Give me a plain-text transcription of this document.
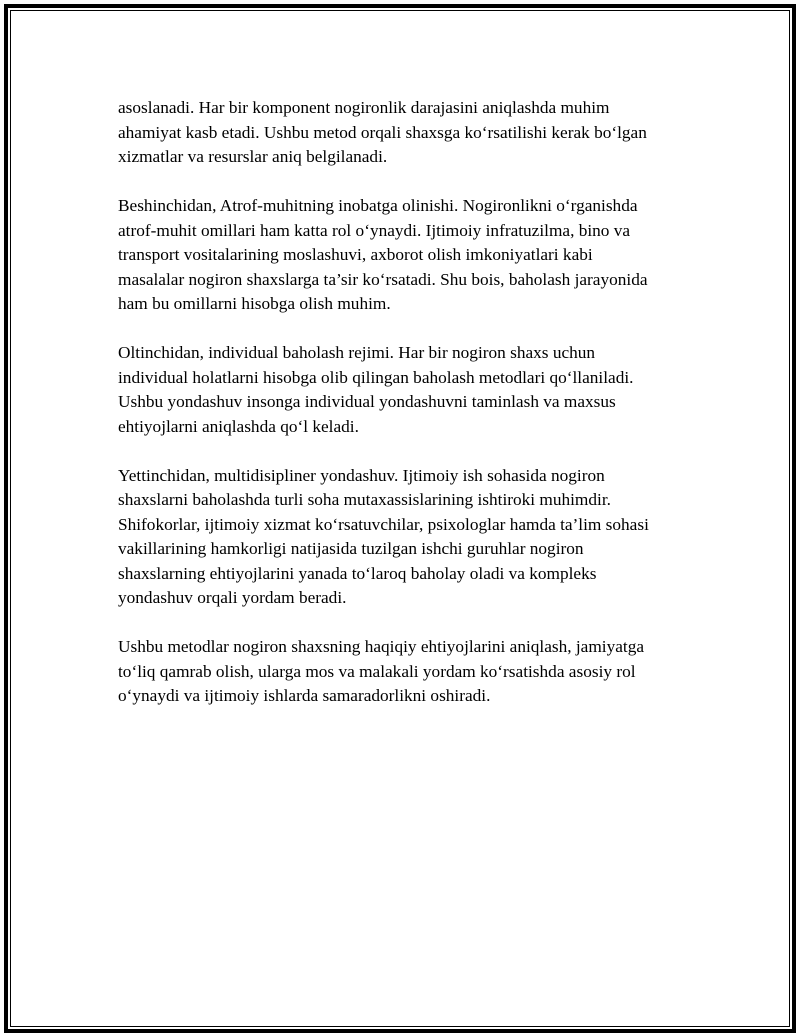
asoslanadi. Har bir komponent nogironlik darajasini aniqlashda muhim
ahamiyat kasb etadi. Ushbu metod orqali shaxsga ko‘rsatilishi kerak bo‘lgan
xizmatlar va resurslar aniq belgilanadi.

Beshinchidan, Atrof-muhitning inobatga olinishi. Nogironlikni o‘rganishda
atrof-muhit omillari ham katta rol o‘ynaydi. Ijtimoiy infratuzilma, bino va
transport vositalarining moslashuvi, axborot olish imkoniyatlari kabi
masalalar nogiron shaxslarga ta’sir ko‘rsatadi. Shu bois, baholash jarayonida
ham bu omillarni hisobga olish muhim.

Oltinchidan, individual baholash rejimi. Har bir nogiron shaxs uchun
individual holatlarni hisobga olib qilingan baholash metodlari qo‘llaniladi.
Ushbu yondashuv insonga individual yondashuvni taminlash va maxsus
ehtiyojlarni aniqlashda qo‘l keladi.

Yettinchidan, multidisipliner yondashuv. Ijtimoiy ish sohasida nogiron
shaxslarni baholashda turli soha mutaxassislarining ishtiroki muhimdir.
Shifokorlar, ijtimoiy xizmat ko‘rsatuvchilar, psixologlar hamda ta’lim sohasi
vakillarining hamkorligi natijasida tuzilgan ishchi guruhlar nogiron
shaxslarning ehtiyojlarini yanada to‘laroq baholay oladi va kompleks
yondashuv orqali yordam beradi.

Ushbu metodlar nogiron shaxsning haqiqiy ehtiyojlarini aniqlash, jamiyatga
to‘liq qamrab olish, ularga mos va malakali yordam ko‘rsatishda asosiy rol
o‘ynaydi va ijtimoiy ishlarda samaradorlikni oshiradi.
